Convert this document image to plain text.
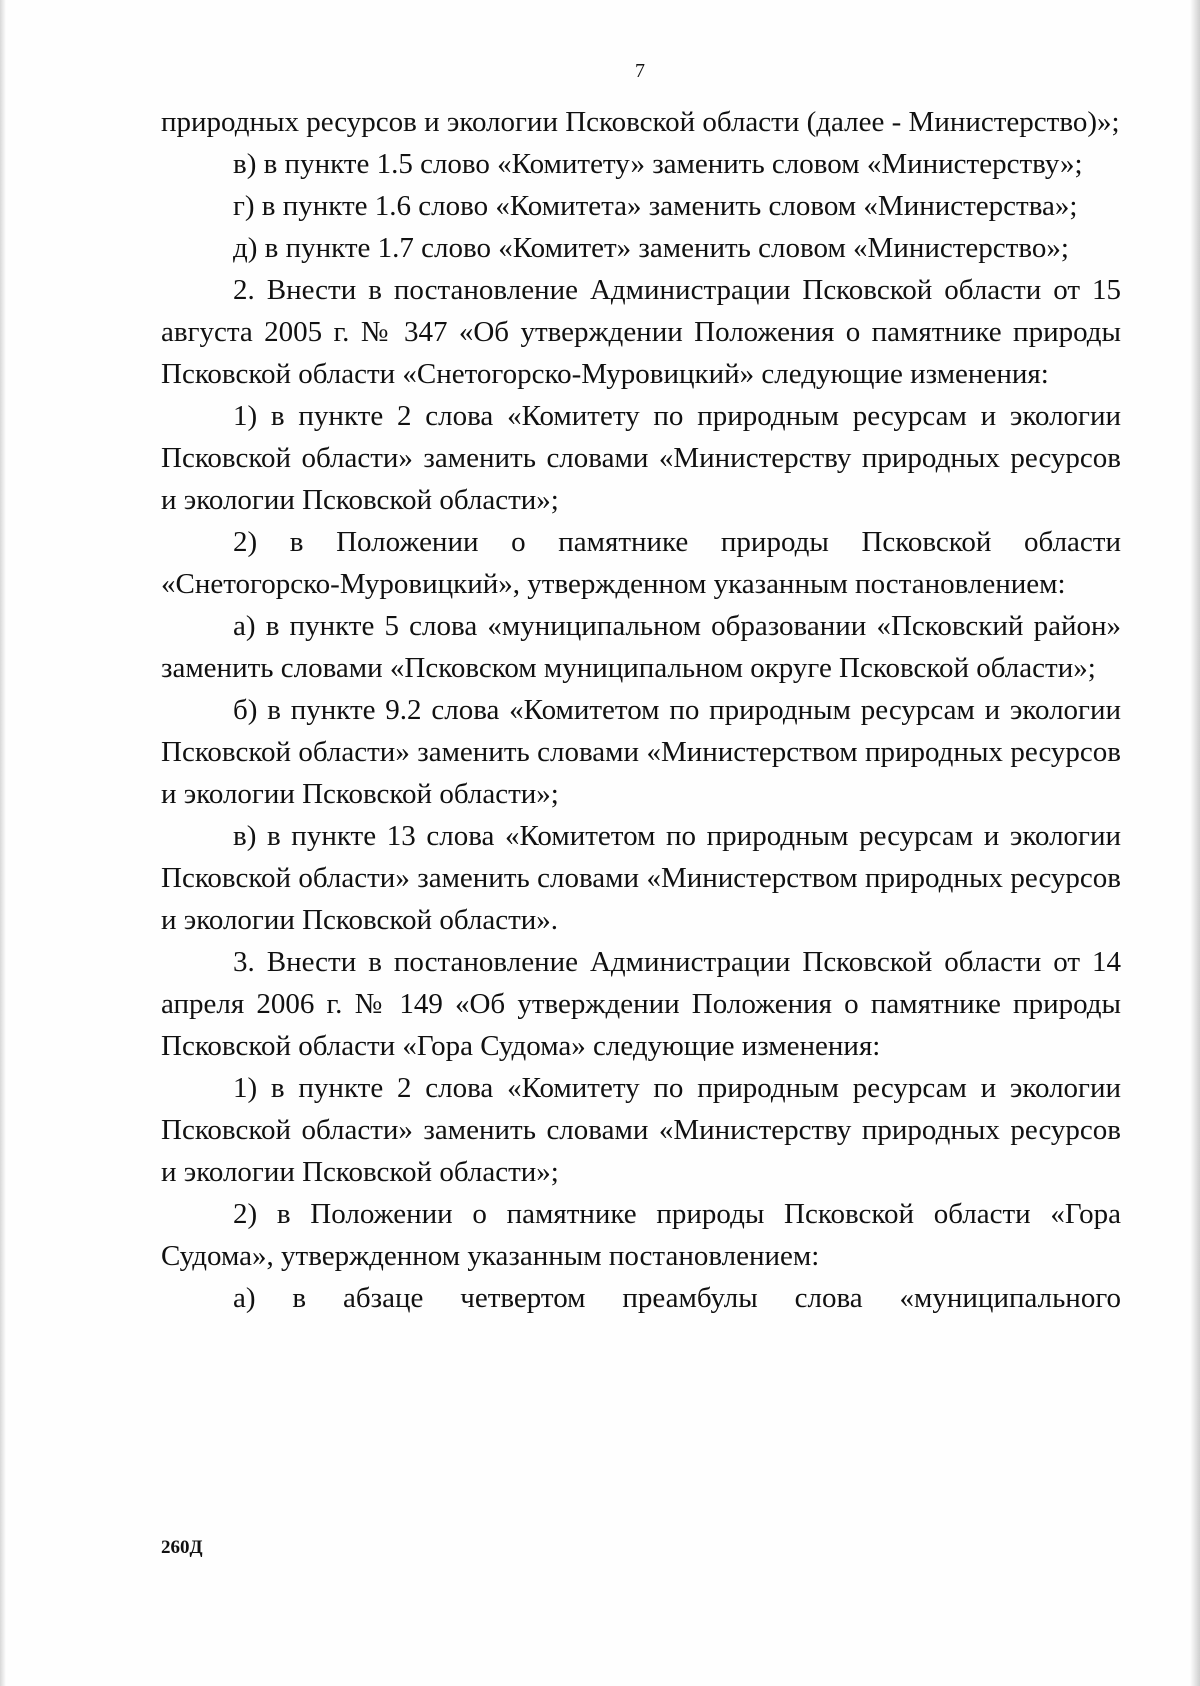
7

природных ресурсов и экологии Псковской области (далее - Министерство)»;

в) в пункте 1.5 слово «Комитету» заменить словом «Министерству»;

г) в пункте 1.6 слово «Комитета» заменить словом «Министерства»;

д) в пункте 1.7 слово «Комитет» заменить словом «Министерство»;

2. Внести в постановление Администрации Псковской области от 15 августа 2005 г. № 347 «Об утверждении Положения о памятнике природы Псковской области «Снетогорско-Муровицкий» следующие изменения:

1) в пункте 2 слова «Комитету по природным ресурсам и экологии Псковской области» заменить словами «Министерству природных ресурсов и экологии Псковской области»;

2) в Положении о памятнике природы Псковской области «Снетогорско-Муровицкий», утвержденном указанным постановлением:

а) в пункте 5 слова «муниципальном образовании «Псковский район» заменить словами «Псковском муниципальном округе Псковской области»;

б) в пункте 9.2 слова «Комитетом по природным ресурсам и экологии Псковской области» заменить словами «Министерством природных ресурсов и экологии Псковской области»;

в) в пункте 13 слова «Комитетом по природным ресурсам и экологии Псковской области» заменить словами «Министерством природных ресурсов и экологии Псковской области».

3. Внести в постановление Администрации Псковской области от 14 апреля 2006 г. № 149 «Об утверждении Положения о памятнике природы Псковской области «Гора Судома» следующие изменения:

1) в пункте 2 слова «Комитету по природным ресурсам и экологии Псковской области» заменить словами «Министерству природных ресурсов и экологии Псковской области»;

2) в Положении о памятнике природы Псковской области «Гора Судома», утвержденном указанным постановлением:

а) в абзаце четвертом преамбулы слова «муниципального

260Д
